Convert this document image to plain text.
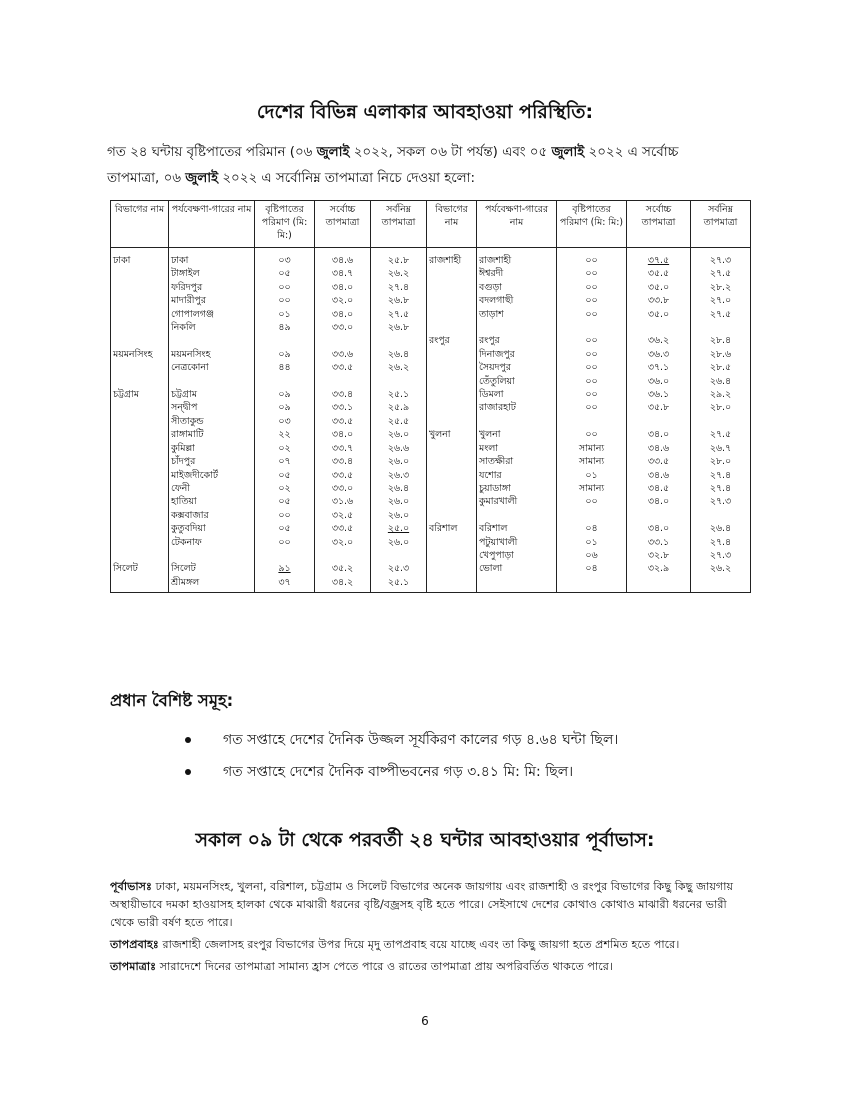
দেশের বিভিন্ন এলাকার আবহাওয়া পরিস্থিতি:
গত ২৪ ঘন্টায় বৃষ্টিপাতের পরিমান (০৬ জুলাই ২০২২, সকল ০৬ টা পর্যন্ত) এবং ০৫ জুলাই ২০২২ এ সর্বোচ্চ
তাপমাত্রা, ০৬ জুলাই ২০২২ এ সর্বোনিম্ন তাপমাত্রা নিচে দেওয়া হলো:
বিভাগের নাম	পর্যবেক্ষণা-গারের নাম	বৃষ্টিপাতের পরিমাণ (মি: মি:)	সর্বোচ্চ তাপমাত্রা	সর্বনিম্ন তাপমাত্রা	বিভাগের নাম	পর্যবেক্ষণা-গারের নাম	বৃষ্টিপাতের পরিমাণ (মি: মি:)	সর্বোচ্চ তাপমাত্রা	সর্বনিম্ন তাপমাত্রা
ঢাকা	ঢাকা	০৩	৩৪.৬	২৫.৮	রাজশাহী	রাজশাহী	০০	৩৭.৫	২৭.৩
	টাঙ্গাইল	০৫	৩৪.৭	২৬.২		ঈশ্বরদী	০০	৩৫.৫	২৭.৫
	ফরিদপুর	০০	৩৪.০	২৭.৪		বগুড়া	০০	৩৫.০	২৮.২
	মাদারীপুর	০০	৩২.০	২৬.৮		বদলগাছী	০০	৩৩.৮	২৭.০
	গোপালগঞ্জ	০১	৩৪.০	২৭.৫		তাড়াশ	০০	৩৫.০	২৭.৫
	নিকলি	৪৯	৩৩.০	২৬.৮					
					রংপুর	রংপুর	০০	৩৬.২	২৮.৪
ময়মনসিংহ	ময়মনসিংহ	০৯	৩৩.৬	২৬.৪		দিনাজপুর	০০	৩৬.৩	২৮.৬
	নেত্রকোনা	৪৪	৩৩.৫	২৬.২		সৈয়দপুর	০০	৩৭.১	২৮.৫
						তেঁতুলিয়া	০০	৩৬.০	২৬.৪
চট্টগ্রাম	চট্টগ্রাম	০৯	৩৩.৪	২৫.১		ডিমলা	০০	৩৬.১	২৯.২
	সন্দ্বীপ	০৯	৩৩.১	২৫.৯		রাজারহাট	০০	৩৫.৮	২৮.০
	সীতাকুন্ড	০৩	৩৩.৫	২৫.৫					
	রাঙ্গামাটি	২২	৩৪.০	২৬.০	খুলনা	খুলনা	০০	৩৪.০	২৭.৫
	কুমিল্লা	০২	৩৩.৭	২৬.৬		মংলা	সামান্য	৩৪.৬	২৬.৭
	চাঁদপুর	০৭	৩৩.৪	২৬.০		সাতক্ষীরা	সামান্য	৩৩.৫	২৮.০
	মাইজদীকোর্ট	০৫	৩৩.৫	২৬.৩		যশোর	০১	৩৪.৬	২৭.৪
	ফেনী	০২	৩৩.০	২৬.৪		চুয়াডাঙ্গা	সামান্য	৩৪.৫	২৭.৪
	হাতিয়া	০৫	৩১.৬	২৬.০		কুমারখালী	০০	৩৪.০	২৭.৩
	কক্সবাজার	০০	৩২.৫	২৬.০					
	কুতুবদিয়া	০৫	৩৩.৫	২৫.০	বরিশাল	বরিশাল	০৪	৩৪.০	২৬.৪
	টেকনাফ	০০	৩২.০	২৬.০		পটুয়াখালী	০১	৩৩.১	২৭.৪
						খেপুপাড়া	০৬	৩২.৮	২৭.৩
সিলেট	সিলেট	৯১	৩৫.২	২৫.৩		ভোলা	০৪	৩২.৯	২৬.২
	শ্রীমঙ্গল	৩৭	৩৪.২	২৫.১					
প্রধান বৈশিষ্ট সমূহ:
গত সপ্তাহে দেশের দৈনিক উজ্জল সূর্যকিরণ কালের গড় ৪.৬৪ ঘন্টা ছিল।
গত সপ্তাহে দেশের দৈনিক বাষ্পীভবনের গড় ৩.৪১ মি: মি: ছিল।
সকাল ০৯ টা থেকে পরবর্তী ২৪ ঘন্টার আবহাওয়ার পূর্বাভাস:
পূর্বাভাসঃ ঢাকা, ময়মনসিংহ, খুলনা, বরিশাল, চট্টগ্রাম ও সিলেট বিভাগের অনেক জায়গায় এবং রাজশাহী ও রংপুর বিভাগের কিছু কিছু জায়গায় অস্থায়ীভাবে দমকা হাওয়াসহ হালকা থেকে মাঝারী ধরনের বৃষ্টি/বজ্রসহ বৃষ্টি হতে পারে। সেইসাথে দেশের কোথাও কোথাও মাঝারী ধরনের ভারী থেকে ভারী বর্ষণ হতে পারে।
তাপপ্রবাহঃ রাজশাহী জেলাসহ রংপুর বিভাগের উপর দিয়ে মৃদু তাপপ্রবাহ বয়ে যাচ্ছে এবং তা কিছু জায়গা হতে প্রশমিত হতে পারে।
তাপমাত্রাঃ সারাদেশে দিনের তাপমাত্রা সামান্য হ্রাস পেতে পারে ও রাতের তাপমাত্রা প্রায় অপরিবর্তিত থাকতে পারে।
6
